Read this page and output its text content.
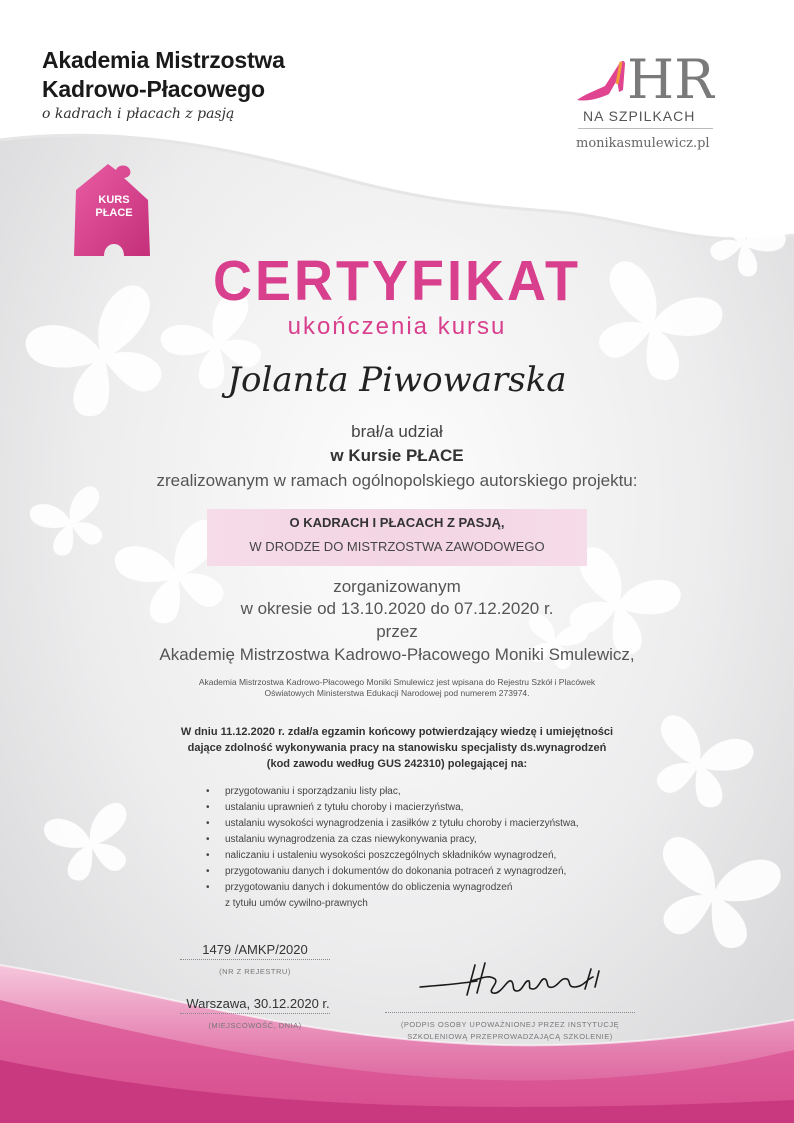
Akademia Mistrzostwa
Kadrowo-Płacowego
o kadrach i płacach z pasją
HR
NA SZPILKACH
monikasmulewicz.pl
KURS
PŁACE
CERTYFIKAT
ukończenia kursu
Jolanta Piwowarska
brał/a udział
w Kursie PŁACE
zrealizowanym w ramach ogólnopolskiego autorskiego projektu:
O KADRACH I PŁACACH Z PASJĄ,
W DRODZE DO MISTRZOSTWA ZAWODOWEGO
zorganizowanym
w okresie od 13.10.2020 do 07.12.2020 r.
przez
Akademię Mistrzostwa Kadrowo-Płacowego Moniki Smulewicz,
Akademia Mistrzostwa Kadrowo-Płacowego Moniki Smulewicz jest wpisana do Rejestru Szkół i Placówek
Oświatowych Ministerstwa Edukacji Narodowej pod numerem 273974.
W dniu 11.12.2020 r. zdał/a egzamin końcowy potwierdzający wiedzę i umiejętności
dające zdolność wykonywania pracy na stanowisku specjalisty ds.wynagrodzeń
(kod zawodu według GUS 242310) polegającej na:
• przygotowaniu i sporządzaniu listy płac,
• ustalaniu uprawnień z tytułu choroby i macierzyństwa,
• ustalaniu wysokości wynagrodzenia i zasiłków z tytułu choroby i macierzyństwa,
• ustalaniu wynagrodzenia za czas niewykonywania pracy,
• naliczaniu i ustaleniu wysokości poszczególnych składników wynagrodzeń,
• przygotowaniu danych i dokumentów do dokonania potraceń z wynagrodzeń,
• przygotowaniu danych i dokumentów do obliczenia wynagrodzeń
z tytułu umów cywilno-prawnych
1479 /AMKP/2020
(NR Z REJESTRU)
Warszawa, 30.12.2020 r.
(MIEJSCOWOŚĆ, DNIA)	(PODPIS OSOBY UPOWAŻNIONEJ PRZEZ INSTYTUCJĘ
SZKOLENIOWĄ PRZEPROWADZAJĄCĄ SZKOLENIE)
